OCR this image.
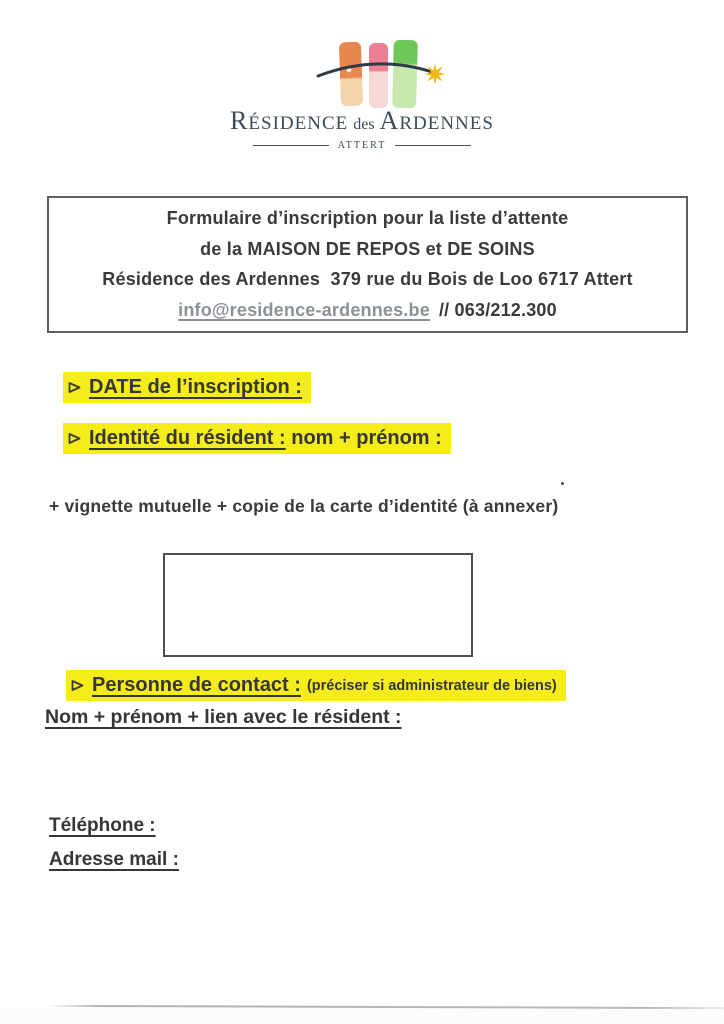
RÉSIDENCE des ARDENNES
ATTERT
Formulaire d’inscription pour la liste d’attente
de la MAISON DE REPOS et DE SOINS
Résidence des Ardennes  379 rue du Bois de Loo 6717 Attert
info@residence-ardennes.be // 063/212.300
DATE de l’inscription :
Identité du résident : nom + prénom :
+ vignette mutuelle + copie de la carte d’identité (à annexer)
Personne de contact : (préciser si administrateur de biens)
Nom + prénom + lien avec le résident :
Téléphone :
Adresse mail :
